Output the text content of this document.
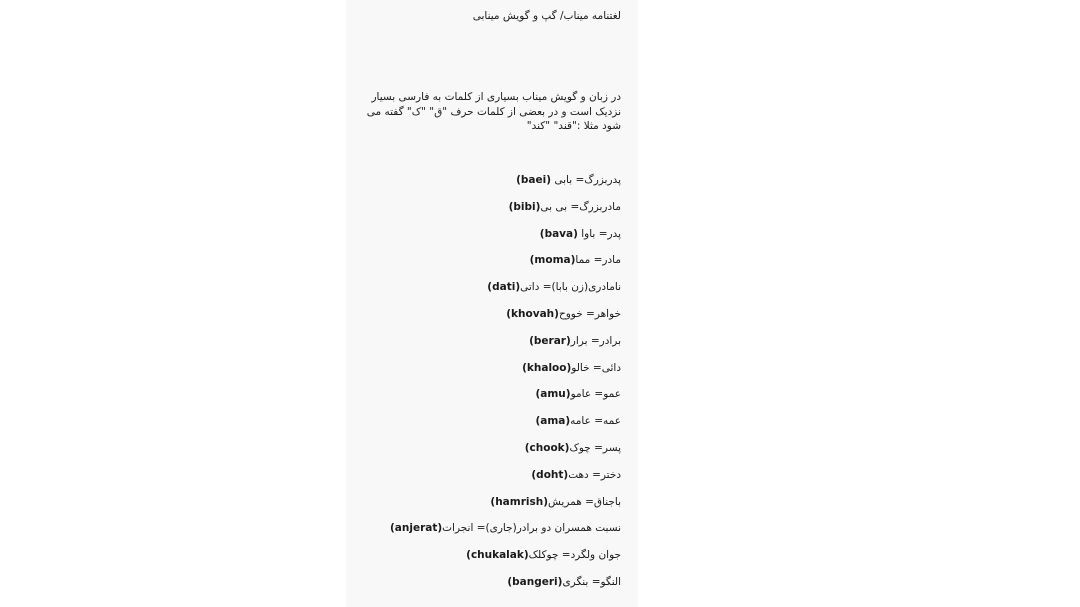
لغتنامه میناب/ گپ و گویش مینابی
در زبان و گویش میناب بسیاری از کلمات به فارسی بسیار نزدیک است و در بعضی از کلمات حرف "ق" "ک" گفته می شود مثلا :"قند" "کند"
پدربزرگ= بابی (baei)
مادربزرگ= بی بی(bibi)
پدر= باوا (bava)
مادر= مما(moma)
نامادری(زن بابا)= داتی(dati)
خواهر= خووح(khovah)
برادر= برار(berar)
دائی= خالو(khaloo)
عمو= عامو(amu)
عمه= عامه(ama)
پسر= چوک(chook)
دختر= دهت(doht)
باجناق= همریش(hamrish)
نسبت همسران دو برادر(جاری)= انجرات(anjerat)
جوان ولگرد= چوکلک(chukalak)
النگو= بنگری(bangeri)
